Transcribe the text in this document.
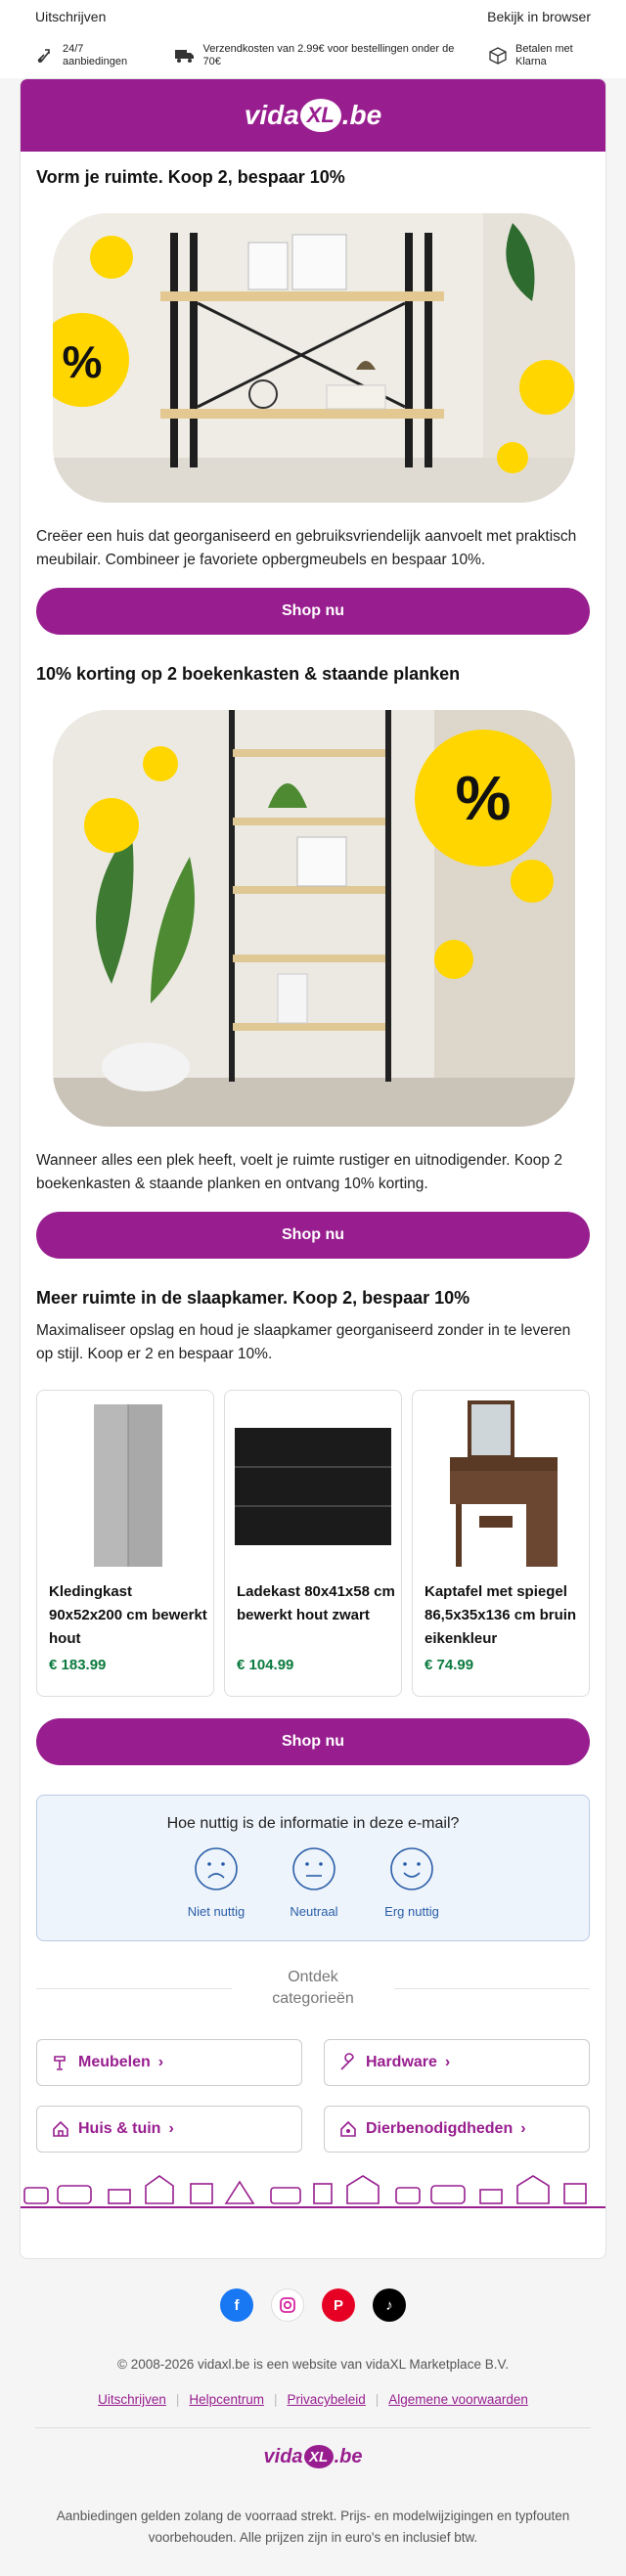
Uitschrijven	Bekijk in browser
24/7 aanbiedingen
Verzendkosten van 2.99€ voor bestellingen onder de 70€
Betalen met Klarna
vida XL .be
Vorm je ruimte. Koop 2, bespaar 10%
%
Creëer een huis dat georganiseerd en gebruiksvriendelijk aanvoelt met praktisch meubilair. Combineer je favoriete opbergmeubels en bespaar 10%.
Shop nu
10% korting op 2 boekenkasten & staande planken
%
Wanneer alles een plek heeft, voelt je ruimte rustiger en uitnodigender. Koop 2 boekenkasten & staande planken en ontvang 10% korting.
Shop nu
Meer ruimte in de slaapkamer. Koop 2, bespaar 10%
Maximaliseer opslag en houd je slaapkamer georganiseerd zonder in te leveren op stijl. Koop er 2 en bespaar 10%.
Kledingkast 90x52x200 cm bewerkt hout
€ 183.99
Ladekast 80x41x58 cm bewerkt hout zwart
€ 104.99
Kaptafel met spiegel 86,5x35x136 cm bruin eikenkleur
€ 74.99
Shop nu
Hoe nuttig is de informatie in deze e-mail?
Niet nuttig	Neutraal	Erg nuttig
Ontdek
categorieën
Meubelen ›	Hardware ›
Huis & tuin ›	Dierbenodigdheden ›
f	P	♪
© 2008-2026 vidaxl.be is een website van vidaXL Marketplace B.V.
Uitschrijven | Helpcentrum | Privacybeleid | Algemene voorwaarden
vida XL .be
Aanbiedingen gelden zolang de voorraad strekt. Prijs- en modelwijzigingen en typfouten voorbehouden. Alle prijzen zijn in euro's en inclusief btw.
